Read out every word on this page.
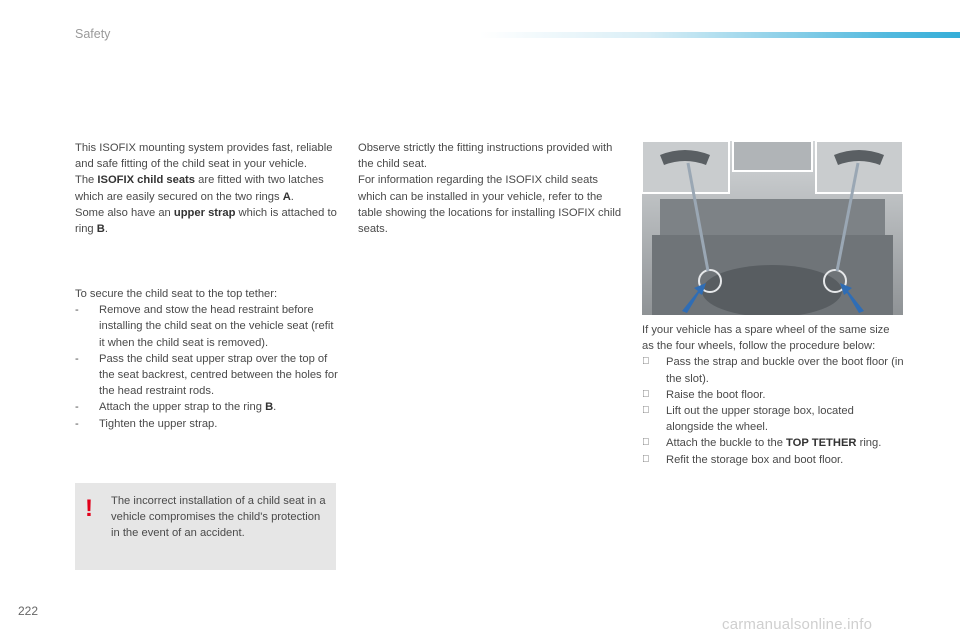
Safety
This ISOFIX mounting system provides fast, reliable and safe fitting of the child seat in your vehicle.
The ISOFIX child seats are fitted with two latches which are easily secured on the two rings A.
Some also have an upper strap which is attached to ring B.
To secure the child seat to the top tether:
-	Remove and stow the head restraint before installing the child seat on the vehicle seat (refit it when the child seat is removed).
-	Pass the child seat upper strap over the top of the seat backrest, centred between the holes for the head restraint rods.
-	Attach the upper strap to the ring B.
-	Tighten the upper strap.
! The incorrect installation of a child seat in a vehicle compromises the child's protection in the event of an accident.
Observe strictly the fitting instructions provided with the child seat.
For information regarding the ISOFIX child seats which can be installed in your vehicle, refer to the table showing the locations for installing ISOFIX child seats.
If your vehicle has a spare wheel of the same size as the four wheels, follow the procedure below:
Pass the strap and buckle over the boot floor (in the slot).
Raise the boot floor.
Lift out the upper storage box, located alongside the wheel.
Attach the buckle to the TOP TETHER ring.
Refit the storage box and boot floor.
222
carmanualsonline.info
